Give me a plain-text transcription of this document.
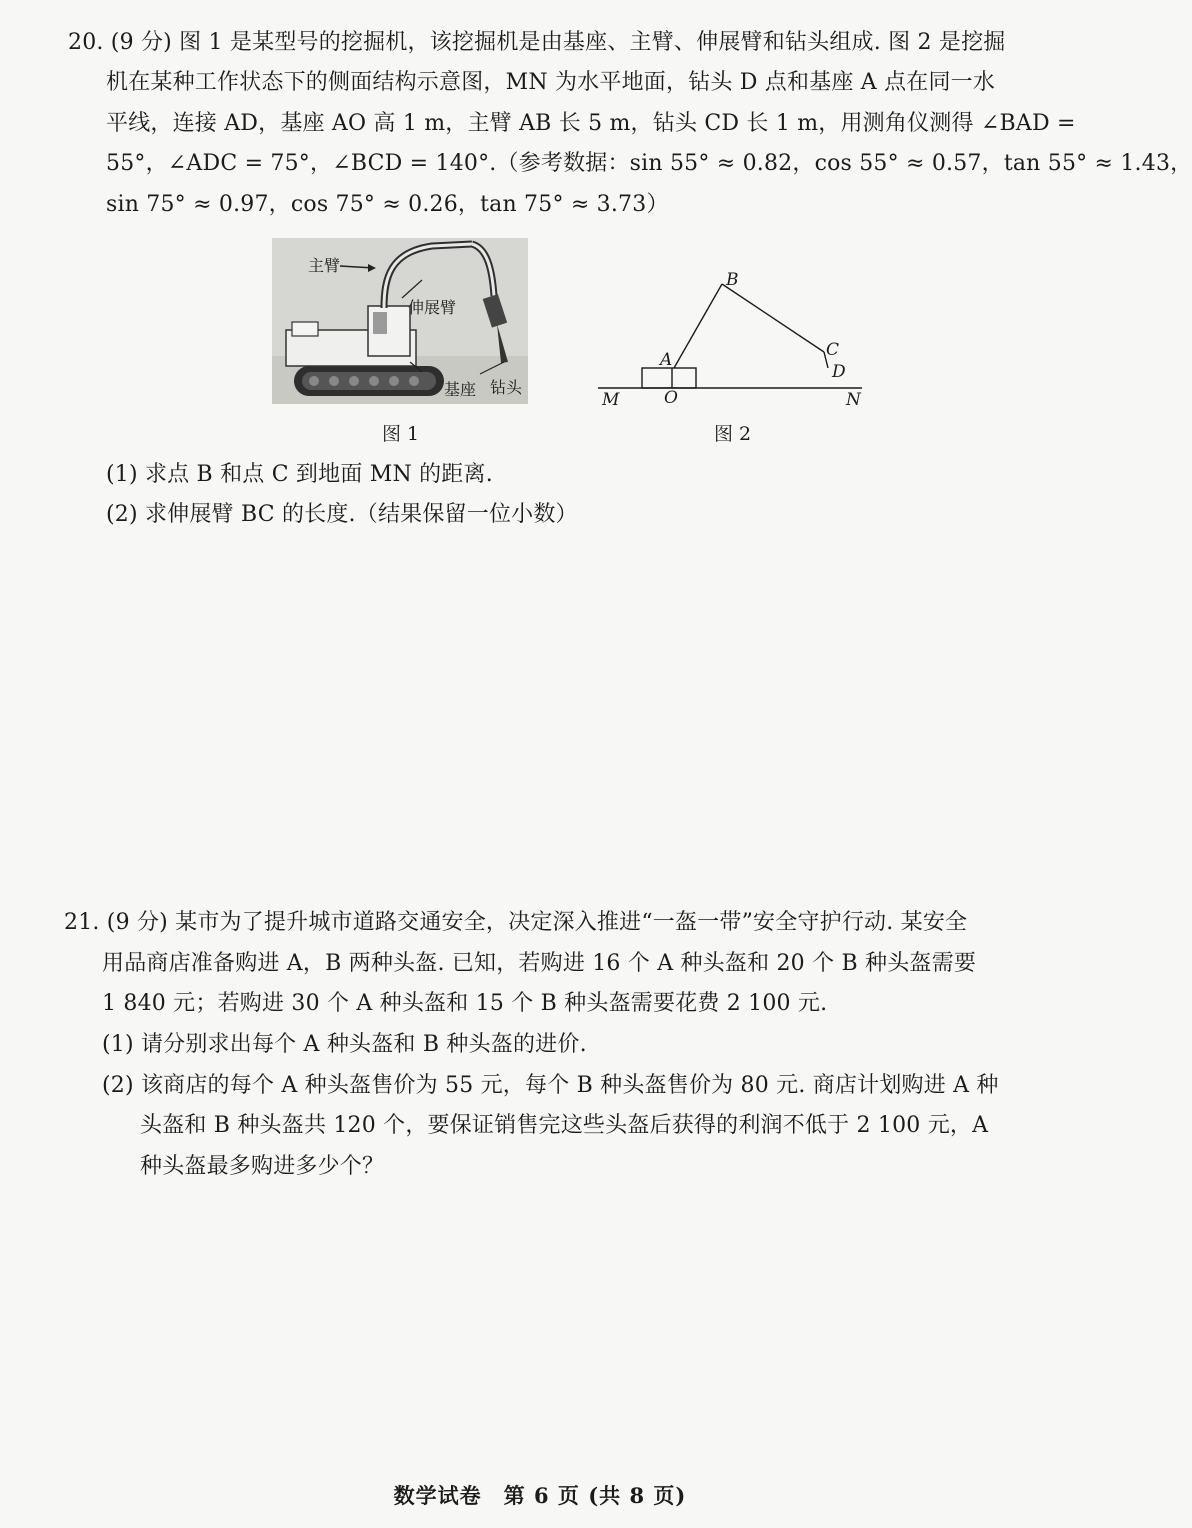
20. (9 分) 图 1 是某型号的挖掘机，该挖掘机是由基座、主臂、伸展臂和钻头组成. 图 2 是挖掘
机在某种工作状态下的侧面结构示意图，MN 为水平地面，钻头 D 点和基座 A 点在同一水
平线，连接 AD，基座 AO 高 1 m，主臂 AB 长 5 m，钻头 CD 长 1 m，用测角仪测得 ∠BAD =
55°，∠ADC = 75°，∠BCD = 140°.（参考数据：sin 55° ≈ 0.82，cos 55° ≈ 0.57，tan 55° ≈ 1.43，
sin 75° ≈ 0.97，cos 75° ≈ 0.26，tan 75° ≈ 3.73）
主臂
伸展臂
基座 钻头
图 1
B
C
D
A
M	O	N
图 2
(1) 求点 B 和点 C 到地面 MN 的距离.
(2) 求伸展臂 BC 的长度.（结果保留一位小数）
21. (9 分) 某市为了提升城市道路交通安全，决定深入推进“一盔一带”安全守护行动. 某安全
用品商店准备购进 A，B 两种头盔. 已知，若购进 16 个 A 种头盔和 20 个 B 种头盔需要
1 840 元；若购进 30 个 A 种头盔和 15 个 B 种头盔需要花费 2 100 元.
(1) 请分别求出每个 A 种头盔和 B 种头盔的进价.
(2) 该商店的每个 A 种头盔售价为 55 元，每个 B 种头盔售价为 80 元. 商店计划购进 A 种
头盔和 B 种头盔共 120 个，要保证销售完这些头盔后获得的利润不低于 2 100 元，A
种头盔最多购进多少个？
数学试卷　第 6 页 (共 8 页)
